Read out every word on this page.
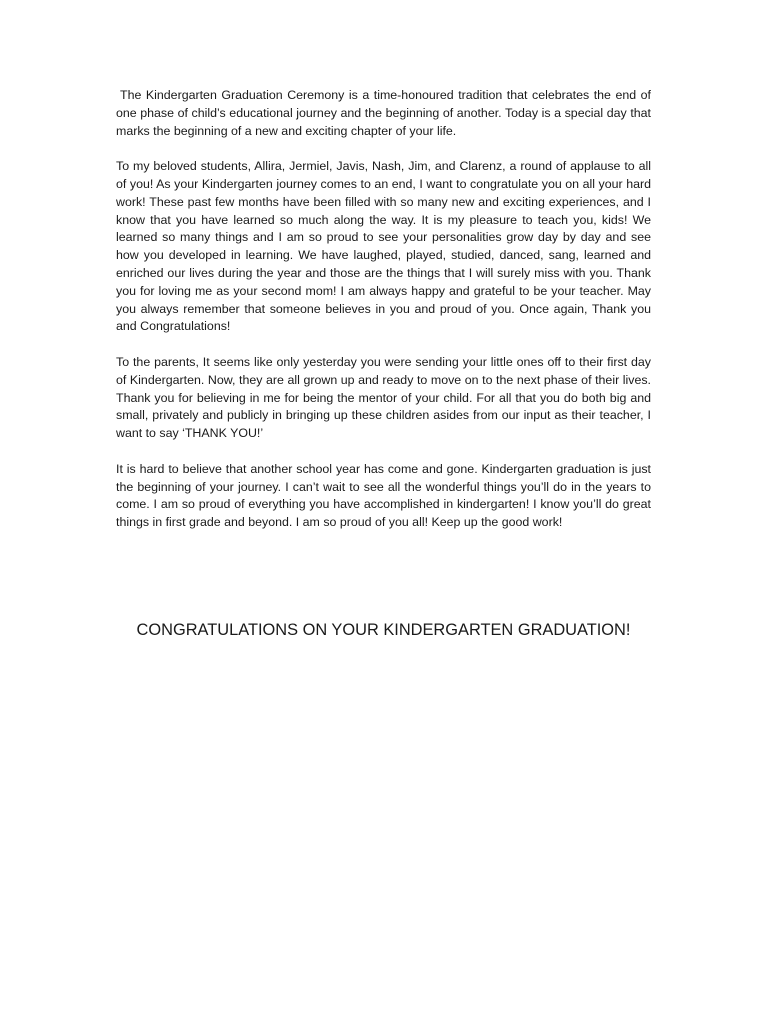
The Kindergarten Graduation Ceremony is a time-honoured tradition that celebrates the end of one phase of child’s educational journey and the beginning of another. Today is a special day that marks the beginning of a new and exciting chapter of your life.

To my beloved students, Allira, Jermiel, Javis, Nash, Jim, and Clarenz, a round of applause to all of you! As your Kindergarten journey comes to an end, I want to congratulate you on all your hard work! These past few months have been filled with so many new and exciting experiences, and I know that you have learned so much along the way. It is my pleasure to teach you, kids! We learned so many things and I am so proud to see your personalities grow day by day and see how you developed in learning. We have laughed, played, studied, danced, sang, learned and enriched our lives during the year and those are the things that I will surely miss with you. Thank you for loving me as your second mom! I am always happy and grateful to be your teacher. May you always remember that someone believes in you and proud of you. Once again, Thank you and Congratulations!

To the parents, It seems like only yesterday you were sending your little ones off to their first day of Kindergarten. Now, they are all grown up and ready to move on to the next phase of their lives. Thank you for believing in me for being the mentor of your child. For all that you do both big and small, privately and publicly in bringing up these children asides from our input as their teacher, I want to say ‘THANK YOU!’

It is hard to believe that another school year has come and gone. Kindergarten graduation is just the beginning of your journey. I can’t wait to see all the wonderful things you’ll do in the years to come. I am so proud of everything you have accomplished in kindergarten! I know you’ll do great things in first grade and beyond. I am so proud of you all! Keep up the good work!

CONGRATULATIONS ON YOUR KINDERGARTEN GRADUATION!
